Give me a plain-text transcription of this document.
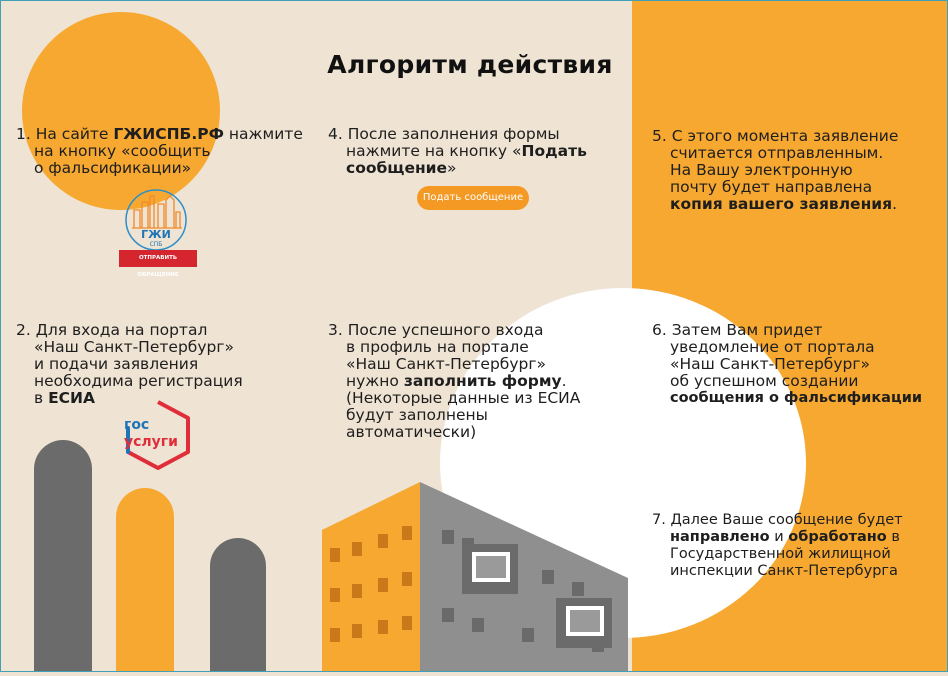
Алгоритм действия
1. На сайте ГЖИСПБ.РФ нажмите
на кнопку «сообщить
о фальсификации»
ГЖИ
СПБ
ОТПРАВИТЬ ОБРАЩЕНИЕ
2. Для входа на портал
«Наш Санкт-Петербург»
и подачи заявления
необходима регистрация
в ЕСИА
гос
услуги
3. После успешного входа
в профиль на портале
«Наш Санкт-Петербург»
нужно заполнить форму.
(Некоторые данные из ЕСИА
будут заполнены
автоматически)
4. После заполнения формы
нажмите на кнопку «Подать
сообщение»
Подать сообщение
5. С этого момента заявление
считается отправленным.
На Вашу электронную
почту будет направлена
копия вашего заявления.
6. Затем Вам придет
уведомление от портала
«Наш Санкт-Петербург»
об успешном создании
сообщения о фальсификации
7. Далее Ваше сообщение будет
направлено и обработано в
Государственной жилищной
инспекции Санкт-Петербурга
